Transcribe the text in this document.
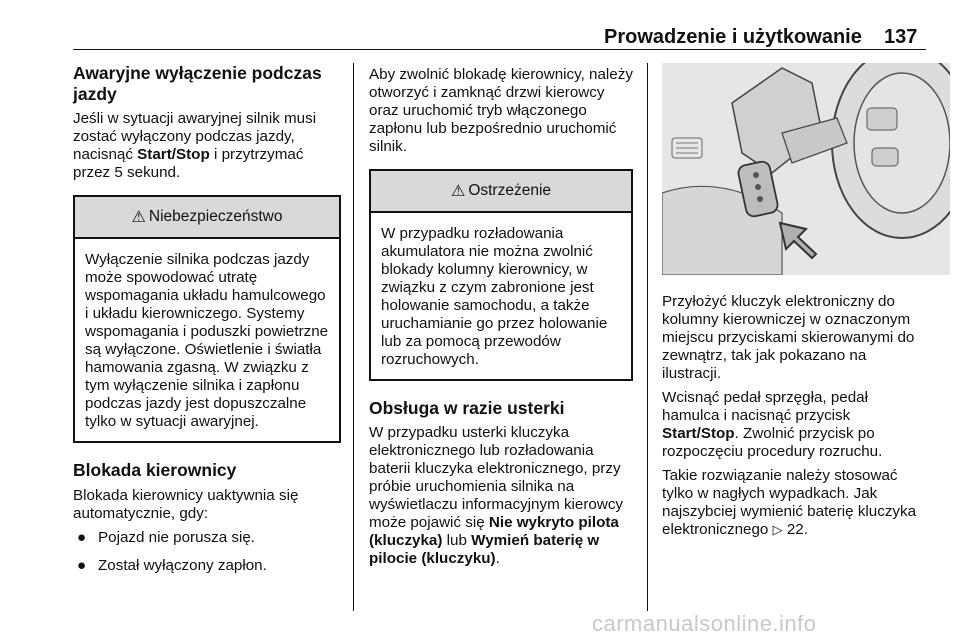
Prowadzenie i użytkowanie 137
Awaryjne wyłączenie podczas jazdy

Jeśli w sytuacji awaryjnej silnik musi zostać wyłączony podczas jazdy, nacisnąć Start/Stop i przytrzymać przez 5 sekund.

⚠ Niebezpieczeństwo

Wyłączenie silnika podczas jazdy może spowodować utratę wspomagania układu hamulcowego i układu kierowniczego. Systemy wspomagania i poduszki powietrzne są wyłączone. Oświetlenie i światła hamowania zgasną. W związku z tym wyłączenie silnika i zapłonu podczas jazdy jest dopuszczalne tylko w sytuacji awaryjnej.

Blokada kierownicy

Blokada kierownicy uaktywnia się automatycznie, gdy:

● Pojazd nie porusza się.
● Został wyłączony zapłon.

Aby zwolnić blokadę kierownicy, należy otworzyć i zamknąć drzwi kierowcy oraz uruchomić tryb włączonego zapłonu lub bezpośrednio uruchomić silnik.

⚠ Ostrzeżenie

W przypadku rozładowania akumulatora nie można zwolnić blokady kolumny kierownicy, w związku z czym zabronione jest holowanie samochodu, a także uruchamianie go przez holowanie lub za pomocą przewodów rozruchowych.

Obsługa w razie usterki

W przypadku usterki kluczyka elektronicznego lub rozładowania baterii kluczyka elektronicznego, przy próbie uruchomienia silnika na wyświetlaczu informacyjnym kierowcy może pojawić się Nie wykryto pilota (kluczyka) lub Wymień baterię w pilocie (kluczyku).

Przyłożyć kluczyk elektroniczny do kolumny kierowniczej w oznaczonym miejscu przyciskami skierowanymi do zewnątrz, tak jak pokazano na ilustracji.

Wcisnąć pedał sprzęgła, pedał hamulca i nacisnąć przycisk Start/Stop. Zwolnić przycisk po rozpoczęciu procedury rozruchu.

Takie rozwiązanie należy stosować tylko w nagłych wypadkach. Jak najszybciej wymienić baterię kluczyka elektronicznego ▷ 22.

carmanualsonline.info
